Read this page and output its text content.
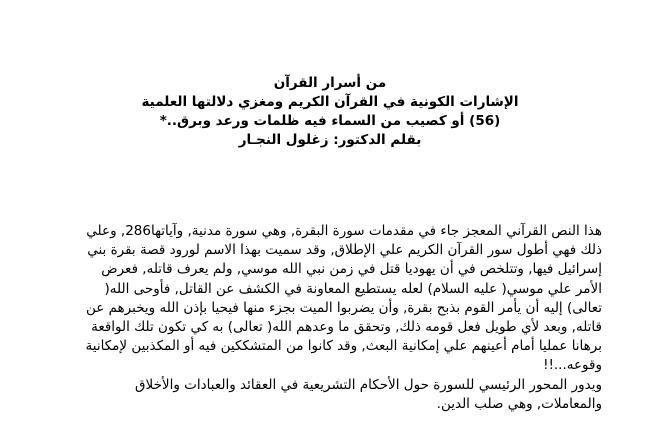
من أسرار القرآن
الإشارات الكونية في القرآن الكريم ومغزي دلالتها العلمية
(56) أو كصيب من السماء فيه ظلمات ورعد وبرق..*
بقلم الدكتور: زغلول النجـار
هذا النص القرآني المعجز جاء في مقدمات سورة البقرة, وهي سورة مدنية, وآياتها286, وعلي
ذلك فهي أطول سور القرآن الكريم علي الإطلاق, وقد سميت بهذا الاسم لورود قصة بقرة بني
إسرائيل فيها, وتتلخص في أن يهوديا قتل في زمن نبي الله موسي, ولم يعرف قاتله, فعرض
الأمر علي موسي( عليه السلام) لعله يستطيع المعاونة في الكشف عن القاتل, فأوحى الله(
تعالى) إليه أن يأمر القوم بذبح بقرة, وأن يضربوا الميت بجزء منها فيحيا بإذن الله ويخبرهم عن
قاتله, وبعد لأي طويل فعل قومه ذلك, وتحقق ما وعدهم الله( تعالى) به كي تكون تلك الواقعة
برهانا عمليا أمام أعينهم علي إمكانية البعث, وقد كانوا من المتشككين فيه أو المكذبين لإمكانية
وقوعه...!!
ويدور المحور الرئيسي للسورة حول الأحكام التشريعية في العقائد والعبادات والأخلاق
والمعاملات, وهي صلب الدين.
